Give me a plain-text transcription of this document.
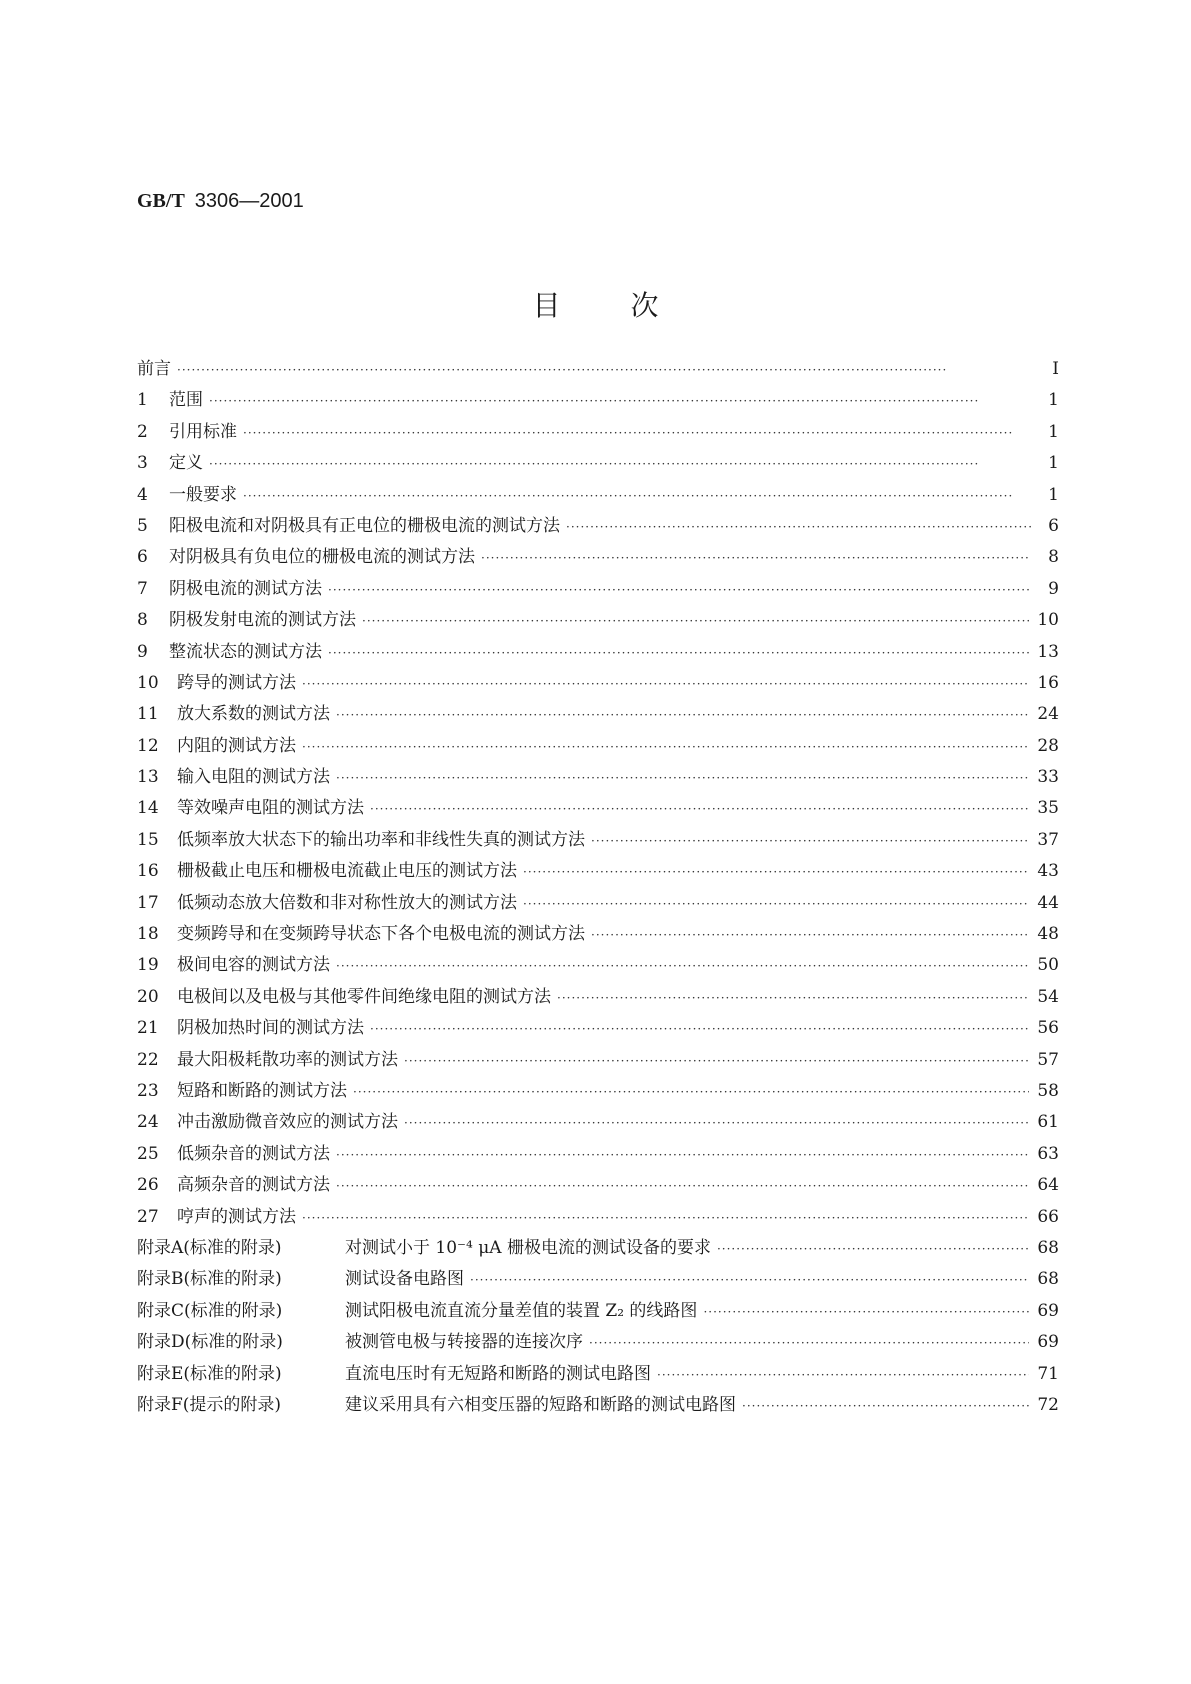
GB/T 3306—2001
目次
前言 ·····	Ⅰ
1	范围 ·····	1
2	引用标准 ·····	1
3	定义 ·····	1
4	一般要求 ·····	1
5	阳极电流和对阴极具有正电位的栅极电流的测试方法 ·····	6
6	对阴极具有负电位的栅极电流的测试方法 ·····	8
7	阴极电流的测试方法 ·····	9
8	阴极发射电流的测试方法 ·····	10
9	整流状态的测试方法 ·····	13
10	跨导的测试方法 ·····	16
11	放大系数的测试方法 ·····	24
12	内阻的测试方法 ·····	28
13	输入电阻的测试方法 ·····	33
14	等效噪声电阻的测试方法 ·····	35
15	低频率放大状态下的输出功率和非线性失真的测试方法 ·····	37
16	栅极截止电压和栅极电流截止电压的测试方法 ·····	43
17	低频动态放大倍数和非对称性放大的测试方法 ·····	44
18	变频跨导和在变频跨导状态下各个电极电流的测试方法 ·····	48
19	极间电容的测试方法 ·····	50
20	电极间以及电极与其他零件间绝缘电阻的测试方法 ·····	54
21	阴极加热时间的测试方法 ·····	56
22	最大阳极耗散功率的测试方法 ·····	57
23	短路和断路的测试方法 ·····	58
24	冲击激励微音效应的测试方法 ·····	61
25	低频杂音的测试方法 ·····	63
26	高频杂音的测试方法 ·····	64
27	哼声的测试方法 ·····	66
附录A(标准的附录)	对测试小于 10⁻⁴ μA 栅极电流的测试设备的要求 ·····	68
附录B(标准的附录)	测试设备电路图 ·····	68
附录C(标准的附录)	测试阳极电流直流分量差值的装置 Z₂ 的线路图 ·····	69
附录D(标准的附录)	被测管电极与转接器的连接次序 ·····	69
附录E(标准的附录)	直流电压时有无短路和断路的测试电路图 ·····	71
附录F(提示的附录)	建议采用具有六相变压器的短路和断路的测试电路图 ·····	72
